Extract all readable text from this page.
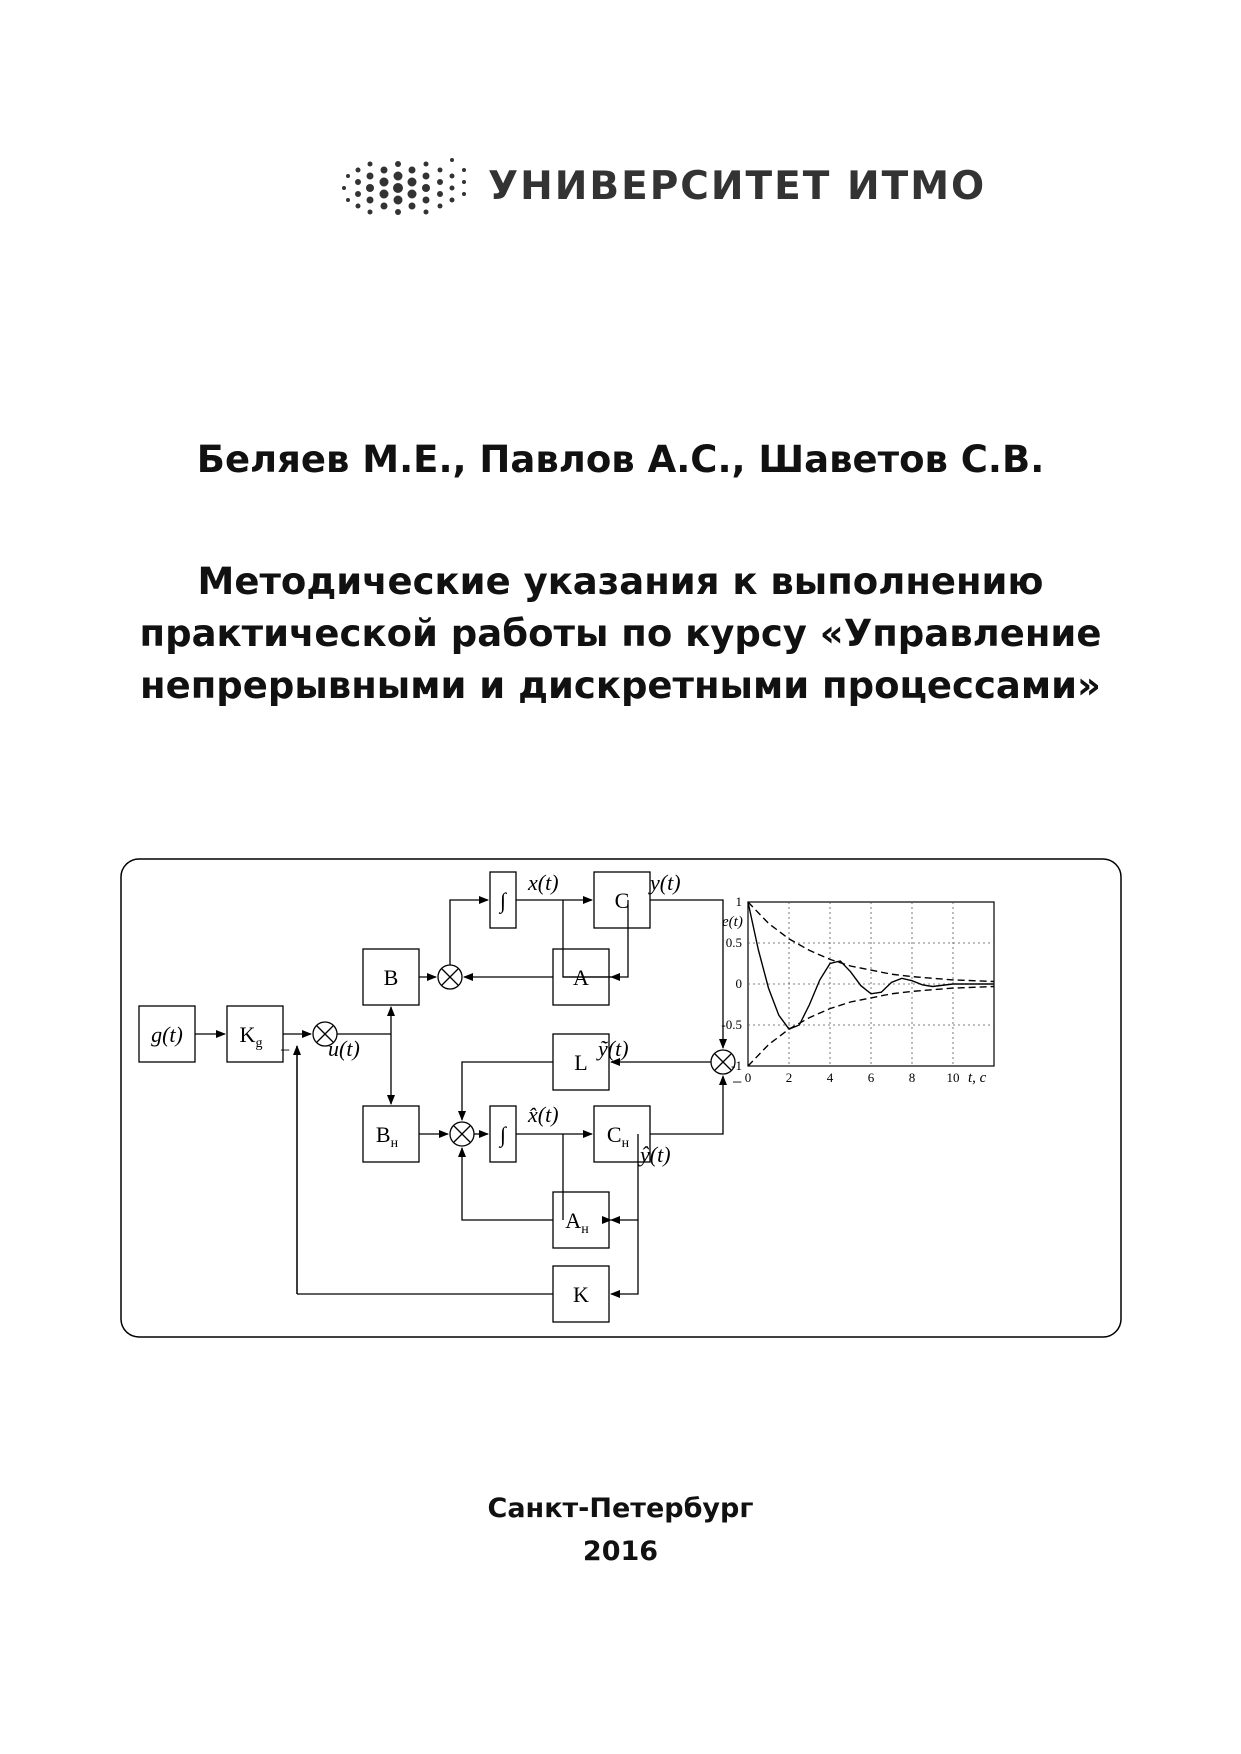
УНИВЕРСИТЕТ ИТМО
Беляев М.Е., Павлов А.С., Шаветов С.В.
Методические указания к выполнению
практической работы по курсу «Управление
непрерывными и дискретными процессами»
g(t)	$K_g$
B
$B_н$
∫
A
C
L
∫	$C_н$
$A_н$
K
u(t)
x(t)	y(t)
x̂(t)
ŷ(t)
ỹ(t)
−
− 0	2	4	6	8 10
1
0.5
0
-0.5
-1
e(t)
t, c
Санкт-Петербург
2016
